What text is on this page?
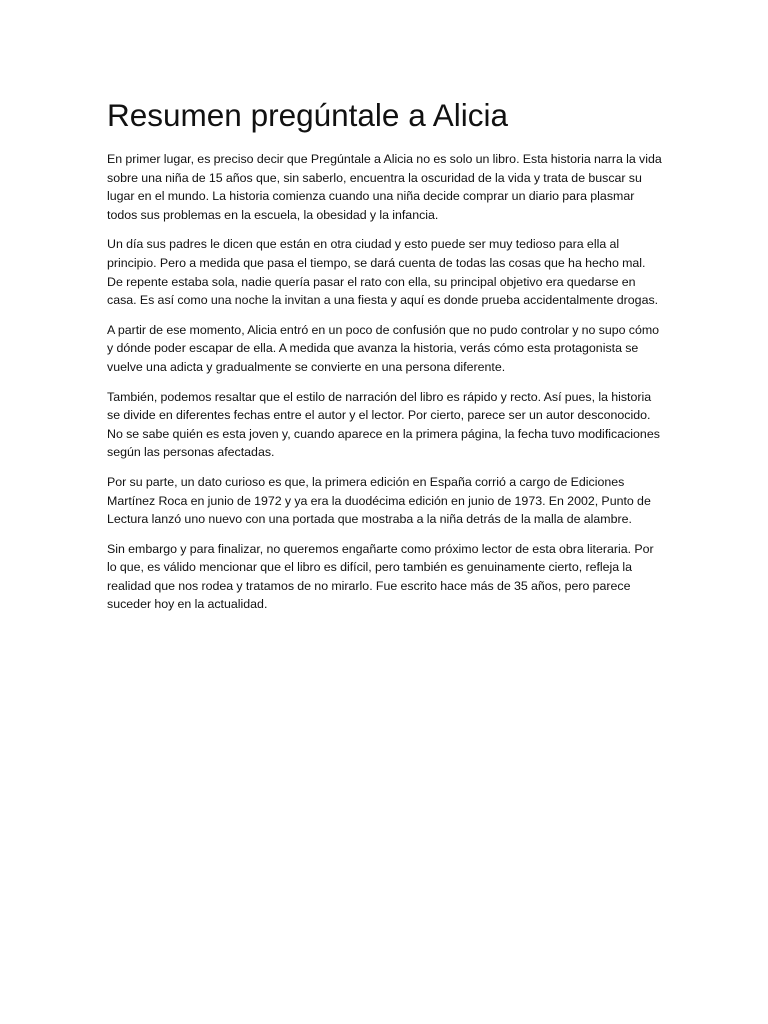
Resumen pregúntale a Alicia

En primer lugar, es preciso decir que Pregúntale a Alicia no es solo un libro. Esta historia narra la vida sobre una niña de 15 años que, sin saberlo, encuentra la oscuridad de la vida y trata de buscar su lugar en el mundo. La historia comienza cuando una niña decide comprar un diario para plasmar todos sus problemas en la escuela, la obesidad y la infancia.

Un día sus padres le dicen que están en otra ciudad y esto puede ser muy tedioso para ella al principio. Pero a medida que pasa el tiempo, se dará cuenta de todas las cosas que ha hecho mal. De repente estaba sola, nadie quería pasar el rato con ella, su principal objetivo era quedarse en casa. Es así como una noche la invitan a una fiesta y aquí es donde prueba accidentalmente drogas.

A partir de ese momento, Alicia entró en un poco de confusión que no pudo controlar y no supo cómo y dónde poder escapar de ella. A medida que avanza la historia, verás cómo esta protagonista se vuelve una adicta y gradualmente se convierte en una persona diferente.

También, podemos resaltar que el estilo de narración del libro es rápido y recto. Así pues, la historia se divide en diferentes fechas entre el autor y el lector. Por cierto, parece ser un autor desconocido. No se sabe quién es esta joven y, cuando aparece en la primera página, la fecha tuvo modificaciones según las personas afectadas.

Por su parte, un dato curioso es que, la primera edición en España corrió a cargo de Ediciones Martínez Roca en junio de 1972 y ya era la duodécima edición en junio de 1973. En 2002, Punto de Lectura lanzó uno nuevo con una portada que mostraba a la niña detrás de la malla de alambre.

Sin embargo y para finalizar, no queremos engañarte como próximo lector de esta obra literaria. Por lo que, es válido mencionar que el libro es difícil, pero también es genuinamente cierto, refleja la realidad que nos rodea y tratamos de no mirarlo. Fue escrito hace más de 35 años, pero parece suceder hoy en la actualidad.
